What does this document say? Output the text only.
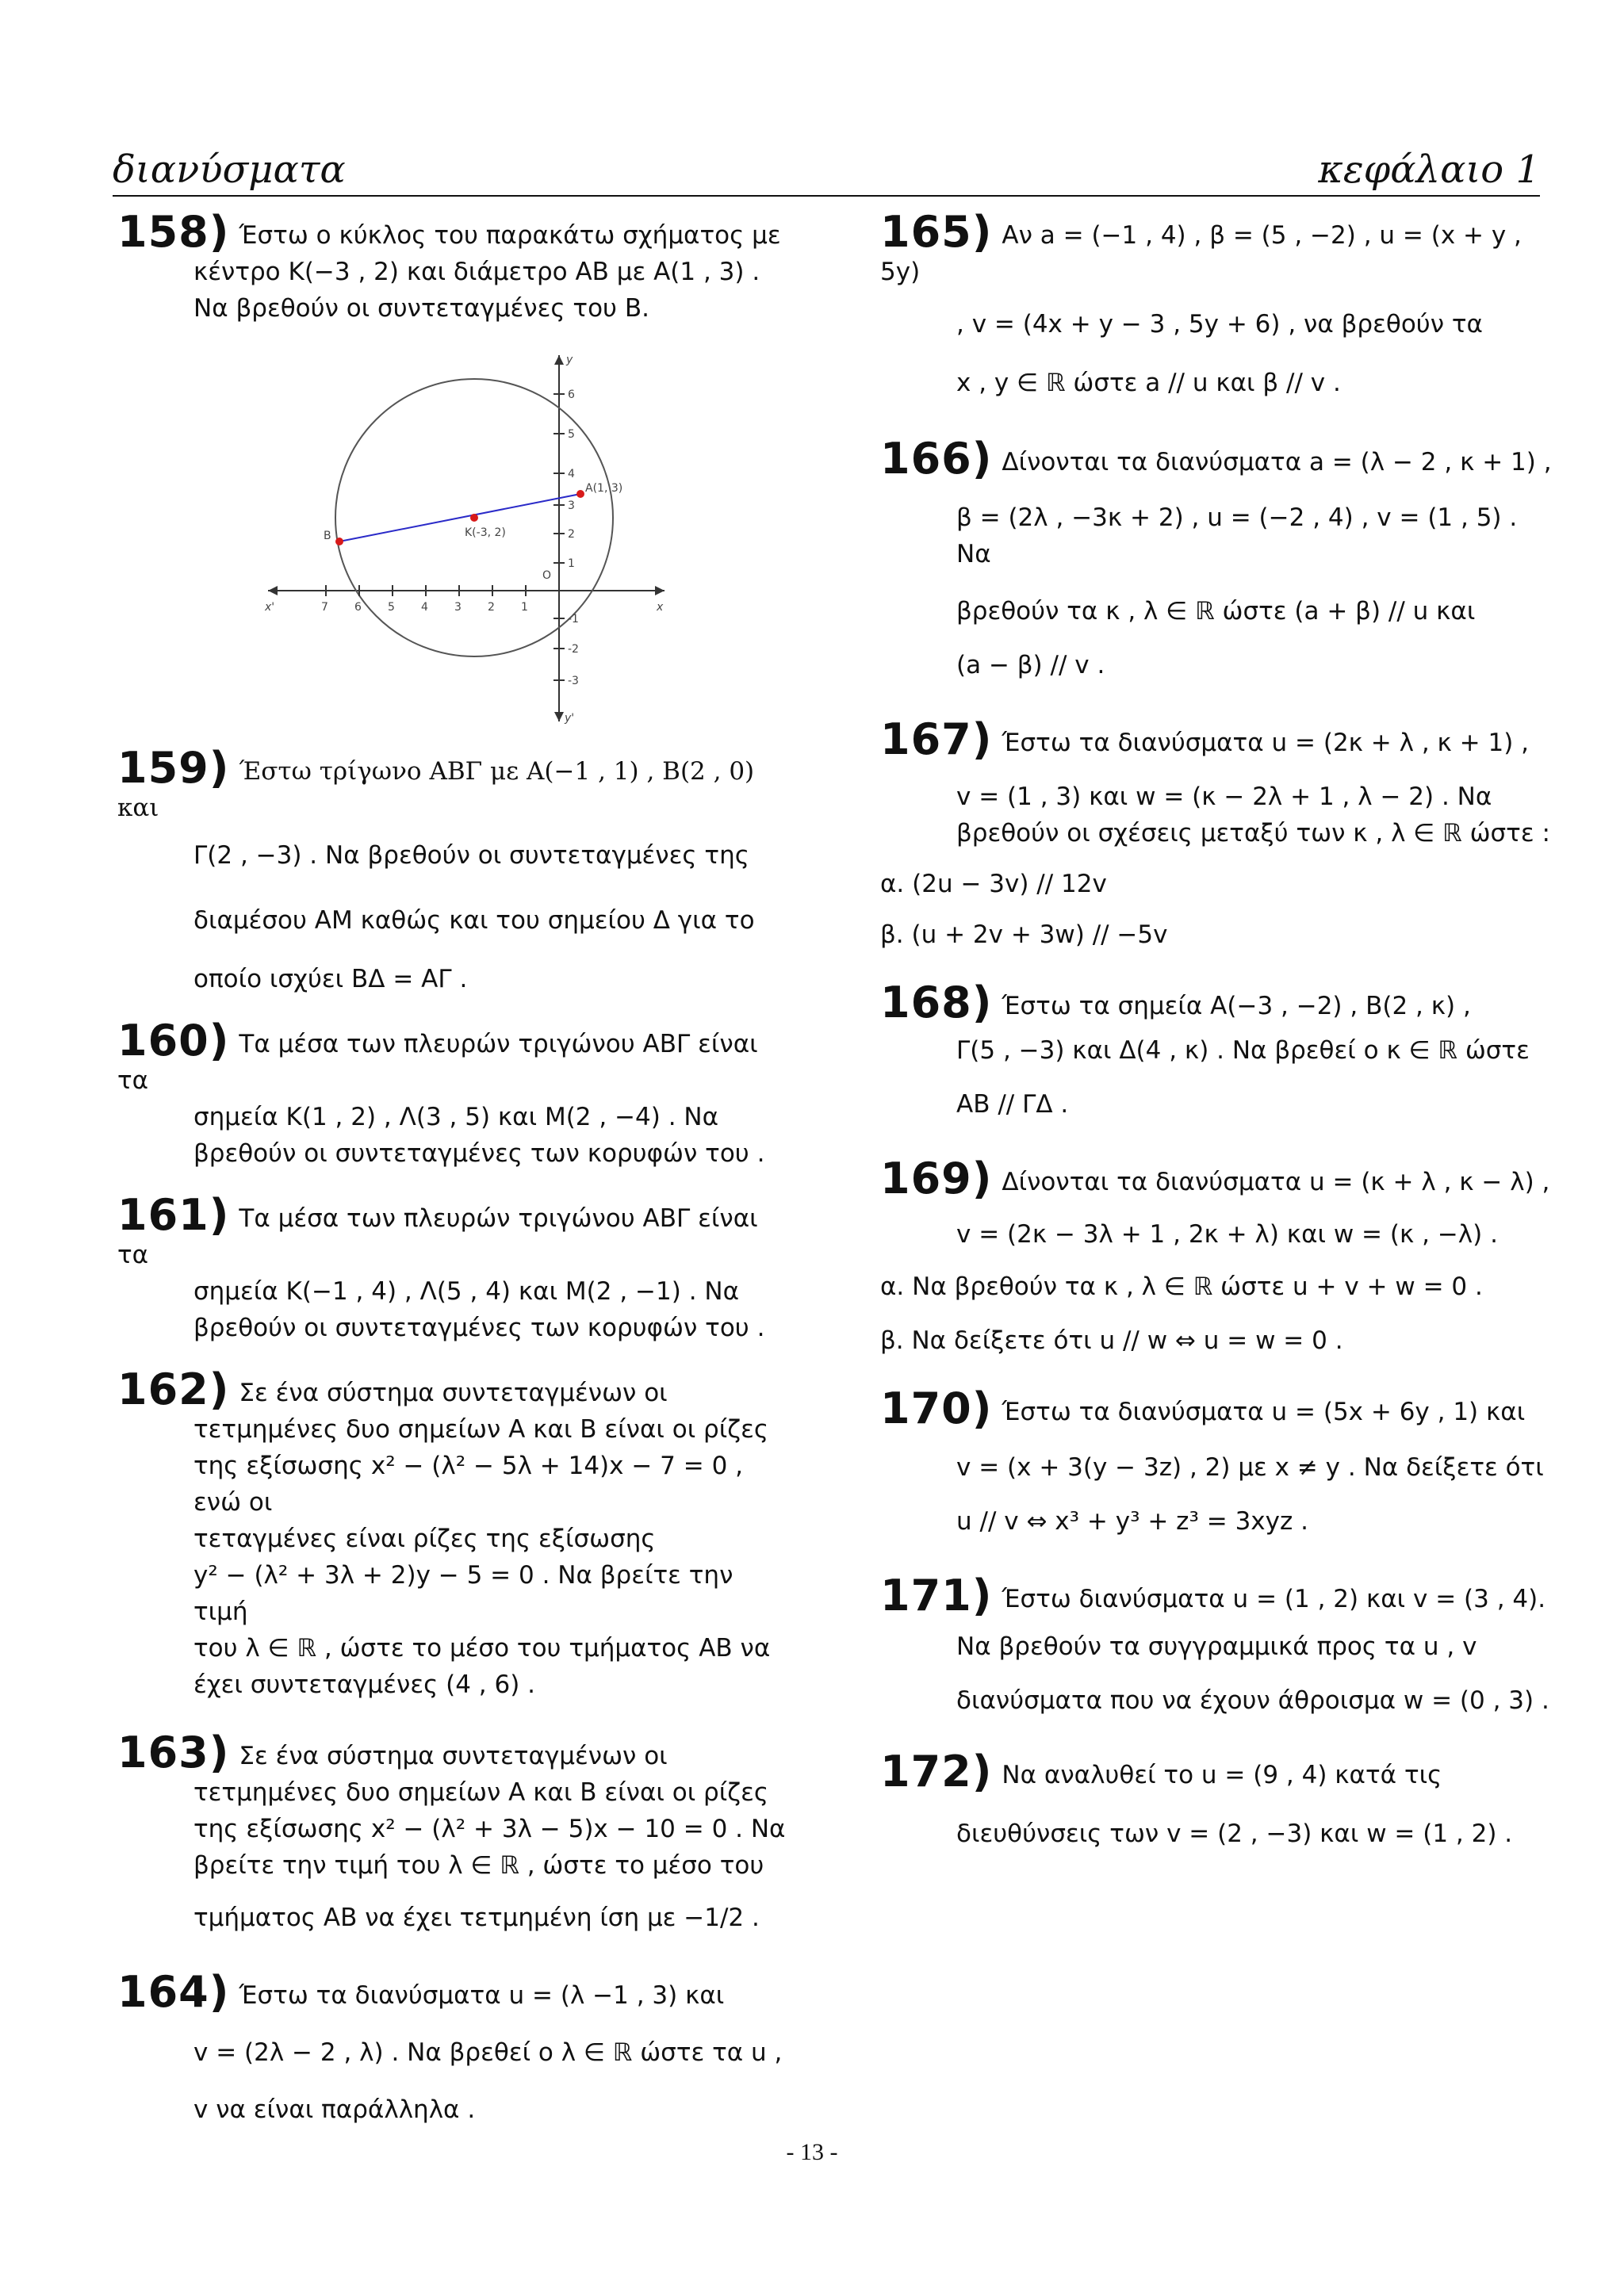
διανύσματα	κεφάλαιο 1
158) Έστω ο κύκλος του παρακάτω σχήματος με
κέντρο K(−3 , 2) και διάμετρο ΑΒ με A(1 , 3) .
Να βρεθούν οι συντεταγμένες του Β.
7 6 5 4 3 2 1
6
5
4
3
2
1
-1
-2
-3
y
y'
x
x'
A(1, 3)
K(-3, 2)
B
O
159) Έστω τρίγωνο ΑΒΓ με A(−1 , 1) , B(2 , 0) και
Γ(2 , −3) . Να βρεθούν οι συντεταγμένες της
διαμέσου AM καθώς και του σημείου Δ για το
οποίο ισχύει BΔ = AΓ .
160) Τα μέσα των πλευρών τριγώνου ΑΒΓ είναι τα
σημεία K(1 , 2) , Λ(3 , 5) και M(2 , −4) . Να
βρεθούν οι συντεταγμένες των κορυφών του .
161) Τα μέσα των πλευρών τριγώνου ΑΒΓ είναι τα
σημεία K(−1 , 4) , Λ(5 , 4) και M(2 , −1) . Να
βρεθούν οι συντεταγμένες των κορυφών του .
162) Σε ένα σύστημα συντεταγμένων οι
τετμημένες δυο σημείων Α και Β είναι οι ρίζες
της εξίσωσης x² − (λ² − 5λ + 14)x − 7 = 0 , ενώ οι
τεταγμένες είναι ρίζες της εξίσωσης
y² − (λ² + 3λ + 2)y − 5 = 0 . Να βρείτε την τιμή
του λ ∈ ℝ , ώστε το μέσο του τμήματος ΑΒ να
έχει συντεταγμένες (4 , 6) .
163) Σε ένα σύστημα συντεταγμένων οι
τετμημένες δυο σημείων Α και Β είναι οι ρίζες
της εξίσωσης x² − (λ² + 3λ − 5)x − 10 = 0 . Να
βρείτε την τιμή του λ ∈ ℝ , ώστε το μέσο του
τμήματος ΑΒ να έχει τετμημένη ίση με −1/2 .
164) Έστω τα διανύσματα u = (λ −1 , 3) και
v = (2λ − 2 , λ) . Να βρεθεί ο λ ∈ ℝ ώστε τα u ,
v να είναι παράλληλα .
165) Αν a = (−1 , 4) , β = (5 , −2) , u = (x + y , 5y)
, v = (4x + y − 3 , 5y + 6) , να βρεθούν τα
x , y ∈ ℝ ώστε a // u και β // v .
166) Δίνονται τα διανύσματα a = (λ − 2 , κ + 1) ,
β = (2λ , −3κ + 2) , u = (−2 , 4) , v = (1 , 5) . Να
βρεθούν τα κ , λ ∈ ℝ ώστε (a + β) // u και
(a − β) // v .
167) Έστω τα διανύσματα u = (2κ + λ , κ + 1) ,
v = (1 , 3) και w = (κ − 2λ + 1 , λ − 2) . Να
βρεθούν οι σχέσεις μεταξύ των κ , λ ∈ ℝ ώστε :
α. (2u − 3v) // 12v
β. (u + 2v + 3w) // −5v
168) Έστω τα σημεία A(−3 , −2) , B(2 , κ) ,
Γ(5 , −3) και Δ(4 , κ) . Να βρεθεί ο κ ∈ ℝ ώστε
AB // ΓΔ .
169) Δίνονται τα διανύσματα u = (κ + λ , κ − λ) ,
v = (2κ − 3λ + 1 , 2κ + λ) και w = (κ , −λ) .
α. Να βρεθούν τα κ , λ ∈ ℝ ώστε u + v + w = 0 .
β. Να δείξετε ότι u // w ⇔ u = w = 0 .
170) Έστω τα διανύσματα u = (5x + 6y , 1) και
v = (x + 3(y − 3z) , 2) με x ≠ y . Να δείξετε ότι
u // v ⇔ x³ + y³ + z³ = 3xyz .
171) Έστω διανύσματα u = (1 , 2) και v = (3 , 4).
Να βρεθούν τα συγγραμμικά προς τα u , v
διανύσματα που να έχουν άθροισμα w = (0 , 3) .
172) Να αναλυθεί το u = (9 , 4) κατά τις
διευθύνσεις των v = (2 , −3) και w = (1 , 2) .
- 13 -
